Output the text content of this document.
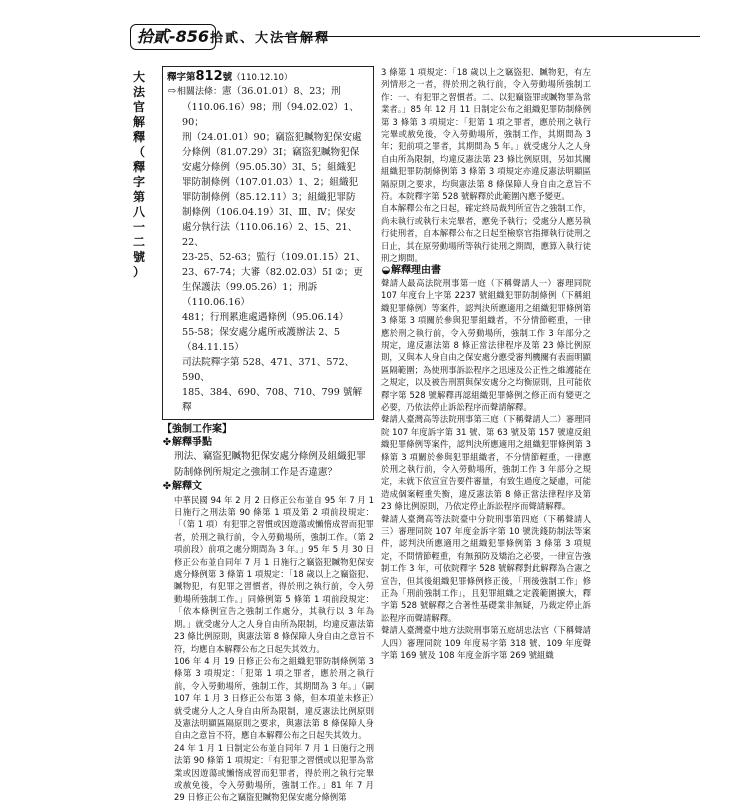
拾貳-856 拾貳、大法官解釋
大
法
官
解
釋
（
釋
字
第
八
一
二
號
）
釋字第812號（110.12.10）
⇨相關法條：憲（36.01.01）8、23；刑
（110.06.16）98；刑（94.02.02）1、90；
刑（24.01.01）90；竊盜犯贓物犯保安處
分條例（81.07.29）3I；竊盜犯贓物犯保
安處分條例（95.05.30）3I、5；組織犯
罪防制條例（107.01.03）1、2；組織犯
罪防制條例（85.12.11）3；組織犯罪防
制條例（106.04.19）3I、Ⅲ、Ⅳ；保安
處分執行法（110.06.16）2、15、21、22、
23-25、52-63；監行（109.01.15）21、
23、67-74；大審（82.02.03）5I ②；更
生保護法（99.05.26）1；刑訴（110.06.16）
481；行刑累進處遇條例（95.06.14）
55-58；保安處分處所戒護辦法 2、5
（84.11.15）
司法院釋字第 528、471、371、572、590、
185、384、690、708、710、799 號解釋
【強制工作案】
✤解釋爭點
刑法、竊盜犯贓物犯保安處分條例及組織犯罪防制條例所規定之強制工作是否違憲？
✤解釋文
中華民國 94 年 2 月 2 日修正公布並自 95 年 7 月 1 日施行之刑法第 90 條第 1 項及第 2 項前段規定：「（第 1 項）有犯罪之習慣或因遊蕩或懶惰成習而犯罪者，於刑之執行前，令入勞動場所，強制工作。（第 2 項前段）前項之處分期間為 3 年。」95 年 5 月 30 日修正公布並自同年 7 月 1 日施行之竊盜犯贓物犯保安處分條例第 3 條第 1 項規定：「18 歲以上之竊盜犯、贓物犯，有犯罪之習慣者，得於刑之執行前，令入勞動場所強制工作。」同條例第 5 條第 1 項前段規定：「依本條例宣告之強制工作處分，其執行以 3 年為期。」就受處分人之人身自由所為限制，均違反憲法第 23 條比例原則，與憲法第 8 條保障人身自由之意旨不符，均應自本解釋公布之日起失其效力。
106 年 4 月 19 日修正公布之組織犯罪防制條例第 3 條第 3 項規定：「犯第 1 項之罪者，應於刑之執行前，令入勞動場所，強制工作，其期間為 3 年。」（嗣 107 年 1 月 3 日修正公布第 3 條，但本項並未修正）就受處分人之人身自由所為限制，違反憲法比例原則及憲法明顯區隔原則之要求，與憲法第 8 條保障人身自由之意旨不符，應自本解釋公布之日起失其效力。
24 年 1 月 1 日制定公布並自同年 7 月 1 日施行之刑法第 90 條第 1 項規定：「有犯罪之習慣或以犯罪為常業或因遊蕩或懶惰成習而犯罪者，得於刑之執行完畢或赦免後，令入勞動場所，強制工作。」81 年 7 月 29 日修正公布之竊盜犯贓物犯保安處分條例第
3 條第 1 項規定：「18 歲以上之竊盜犯、贓物犯，有左列情形之一者，得於刑之執行前，令入勞動場所強制工作：一、有犯罪之習慣者。二、以犯竊盜罪或贓物罪為常業者。」85 年 12 月 11 日制定公布之組織犯罪防制條例第 3 條第 3 項規定：「犯第 1 項之罪者，應於刑之執行完畢或赦免後，令入勞動場所，強制工作，其期間為 3 年；犯前項之罪者，其期間為 5 年。」就受處分人之人身自由所為限制，均違反憲法第 23 條比例原則，另如其關組織犯罪防制條例第 3 條第 3 項規定亦違反憲法明顯區隔原則之要求，均與憲法第 8 條保障人身自由之意旨不符。本院釋字第 528 號解釋於此範圍內應予變更。
自本解釋公布之日起，確定終局裁判所宣告之強制工作，尚未執行或執行未完畢者，應免予執行；受處分人應另執行徒刑者，自本解釋公布之日起至檢察官指揮執行徒刑之日止，其在原勞動場所等執行徒刑之期間，應算入執行徒刑之期間。
◒解釋理由書
聲請人最高法院刑事第一庭（下稱聲請人一）審理同院 107 年度台上字第 2237 號組織犯罪防制條例（下稱組織犯罪條例）等案件，認判決所應適用之組織犯罪條例第 3 條第 3 項關於參與犯罪組織者，不分情節輕重，一律應於刑之執行前，令入勞動場所，強制工作 3 年部分之規定，違反憲法第 8 條正當法律程序及第 23 條比例原則，又與本人身自由之保安處分應受審判機關有表面明顯區隔範圍；為使刑事訴訟程序之迅速及公正性之維護能在之規定，以及被告刑罰與保安處分之均衡原則，且可能依釋字第 528 號解釋再認組織犯罪條例之修正而有變更之必要，乃依法停止訴訟程序而聲請解釋。
聲請人臺灣高等法院刑事第三庭（下稱聲請人二）審理同院 107 年度訴字第 31 號、第 63 號及第 157 號違反組織犯罪條例等案件，認判決所應適用之組織犯罪條例第 3 條第 3 項關於參與犯罪組織者，不分情節輕重，一律應於刑之執行前，令入勞動場所，強制工作 3 年部分之規定，未就下依宣宣告要件審量，有致生過度之疑慮，可能造成個案輕重失衡，違反憲法第 8 條正當法律程序及第 23 條比例原則，乃依定停止訴訟程序而聲請解釋。
聲請人臺灣高等法院臺中分院刑事第四庭（下稱聲請人三）審理同院 107 年度金訴字第 10 號洗錢防制法等案件，認判決所應適用之組織犯罪條例第 3 條第 3 項規定，不問情節輕重，有無預防及矯治之必要，一律宣告強制工作 3 年，可依院釋字 528 號解釋對此解釋為合憲之宣告，但其後組織犯罪條例修正後，「刑後強制工作」修正為「刑前強制工作」，且犯罪組織之定義範圍擴大，釋字第 528 號解釋之合著性基礎業非無疑，乃裁定停止訴訟程序而聲請解釋。
聲請人臺灣臺中地方法院刑事第五庭胡忠法官（下稱聲請人四）審理同院 109 年度易字第 318 號、109 年度聲字第 169 號及 108 年度金訴字第 269 號組織
